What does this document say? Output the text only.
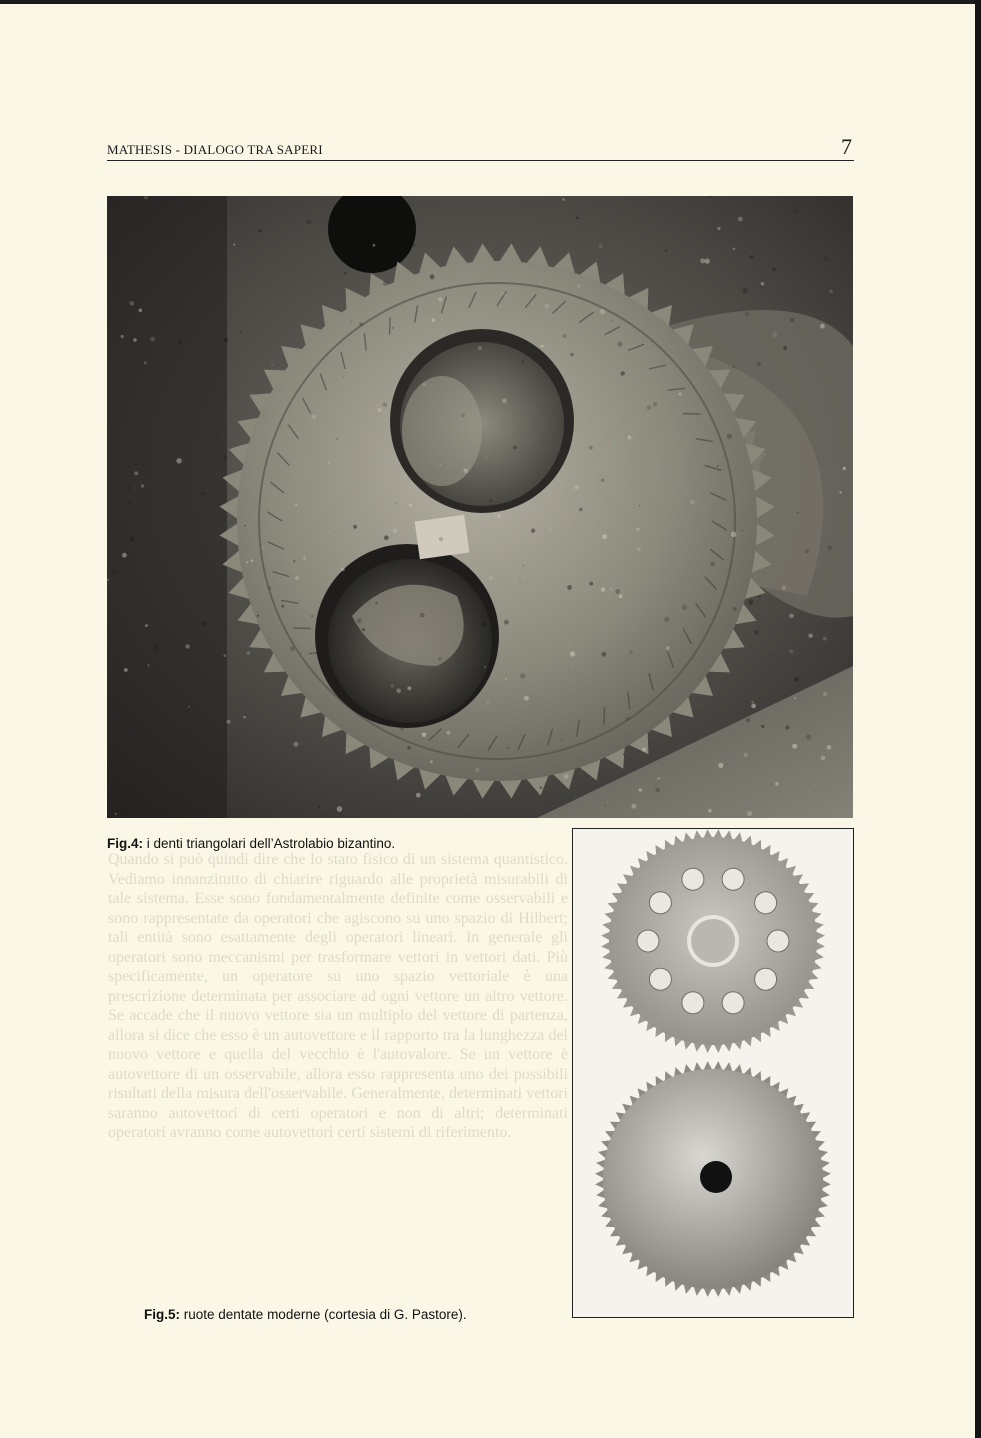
MATHESIS - DIALOGO TRA SAPERI	7
Quando si può quindi dire che lo stato fisico di un sistema quantistico. Vediamo innanzitutto di chiarire riguardo alle proprietà misurabili di tale sistema. Esse sono fondamentalmente definite come osservabili e sono rappresentate da operatori che agiscono su uno spazio di Hilbert; tali entità sono esattamente degli operatori lineari. In generale gli operatori sono meccanismi per trasformare vettori in vettori dati. Più specificamente, un operatore su uno spazio vettoriale è una prescrizione determinata per associare ad ogni vettore un altro vettore. Se accade che il nuovo vettore sia un multiplo del vettore di partenza, allora si dice che esso è un autovettore e il rapporto tra la lunghezza del nuovo vettore e quella del vecchio è l'autovalore. Se un vettore è autovettore di un osservabile, allora esso rappresenta uno dei possibili risultati della misura dell'osservabile. Generalmente, determinati vettori saranno autovettori di certi operatori e non di altri; determinati operatori avranno come autovettori certi sistemi di riferimento.
Fig.4: i denti triangolari dell’Astrolabio bizantino.
Fig.5: ruote dentate moderne (cortesia di G. Pastore).
